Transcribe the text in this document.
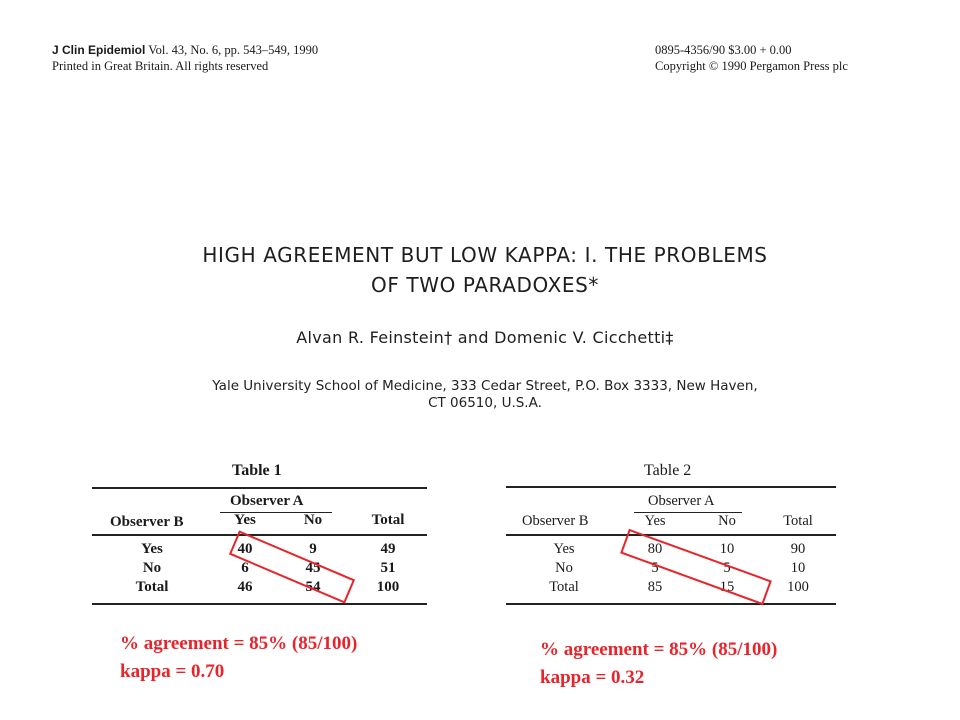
J Clin Epidemiol Vol. 43, No. 6, pp. 543–549, 1990
Printed in Great Britain. All rights reserved
0895-4356/90 $3.00 + 0.00
Copyright © 1990 Pergamon Press plc
HIGH AGREEMENT BUT LOW KAPPA: I. THE PROBLEMS
OF TWO PARADOXES*
Alvan R. Feinstein† and Domenic V. Cicchetti‡
Yale University School of Medicine, 333 Cedar Street, P.O. Box 3333, New Haven,
CT 06510, U.S.A.
Table 1
Observer A
Observer B	Yes	No	Total
Yes	40	9	49
No	6	45	51
Total	46	54	100
Table 2
Observer A
Observer B	Yes	No	Total
Yes	80	10	90
No	5	5	10
Total	85	15	100
% agreement = 85% (85/100)
kappa = 0.70
% agreement = 85% (85/100)
kappa = 0.32
